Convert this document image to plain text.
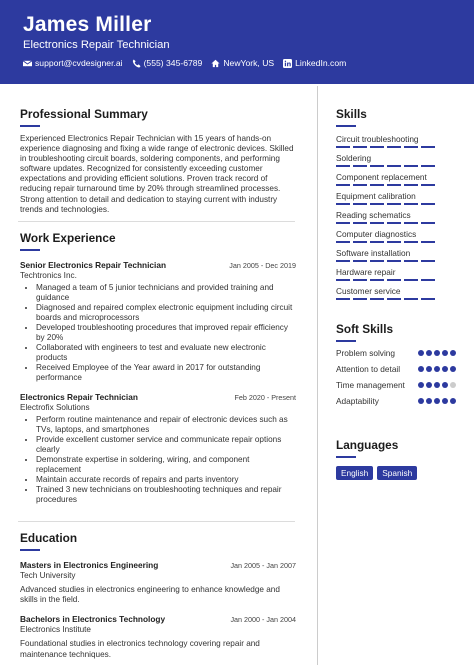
James Miller
Electronics Repair Technician
support@cvdesigner.ai (555) 345-6789 NewYork, US LinkedIn.com
Professional Summary

Experienced Electronics Repair Technician with 15 years of hands-on experience diagnosing and fixing a wide range of electronic devices. Skilled in troubleshooting circuit boards, soldering components, and performing software updates. Recognized for consistently exceeding customer expectations and providing efficient solutions. Proven track record of reducing repair turnaround time by 20% through streamlined processes. Strong attention to detail and dedication to staying current with industry trends and technologies.

Work Experience
Senior Electronics Repair Technician	Jan 2005 - Dec 2019
Techtronics Inc.
• Managed a team of 5 junior technicians and provided training and guidance
• Diagnosed and repaired complex electronic equipment including circuit boards and microprocessors
• Developed troubleshooting procedures that improved repair efficiency by 20%
• Collaborated with engineers to test and evaluate new electronic products
• Received Employee of the Year award in 2017 for outstanding performance
Electronics Repair Technician	Feb 2020 - Present
Electrofix Solutions
• Perform routine maintenance and repair of electronic devices such as TVs, laptops, and smartphones
• Provide excellent customer service and communicate repair options clearly
• Demonstrate expertise in soldering, wiring, and component replacement
• Maintain accurate records of repairs and parts inventory
• Trained 3 new technicians on troubleshooting techniques and repair procedures
Education
Masters in Electronics Engineering	Jan 2005 - Jan 2007
Tech University
Advanced studies in electronics engineering to enhance knowledge and skills in the field.
Bachelors in Electronics Technology	Jan 2000 - Jan 2004
Electronics Institute
Foundational studies in electronics technology covering repair and maintenance techniques.
Skills
Circuit troubleshooting
Soldering
Component replacement
Equipment calibration
Reading schematics
Computer diagnostics
Software installation
Hardware repair
Customer service
Soft Skills
Problem solving
Attention to detail
Time management
Adaptability
Languages
English	Spanish
